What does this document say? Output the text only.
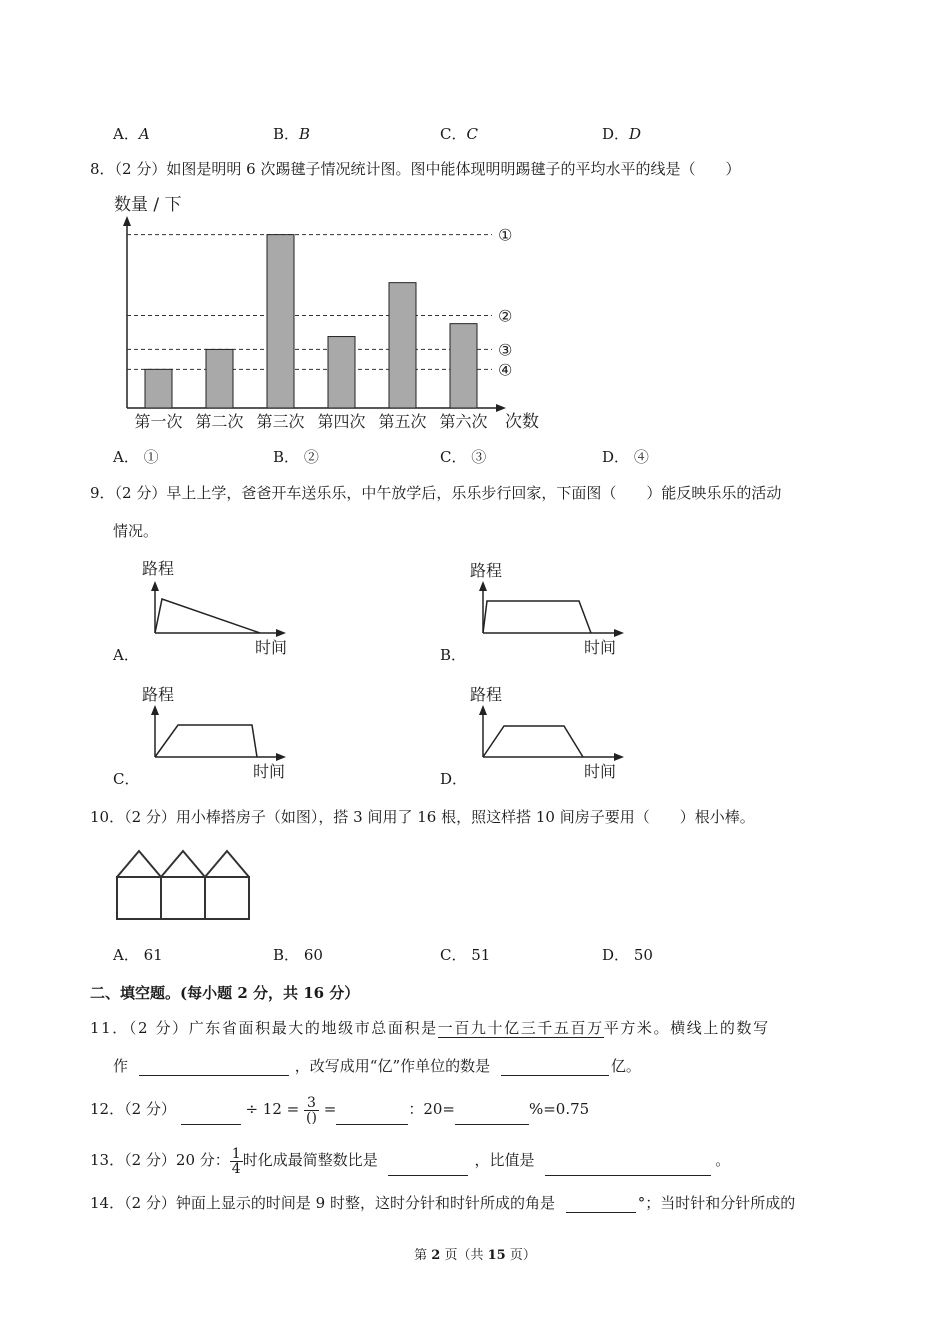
A．A	B．B	C．C	D．D
8．（2 分）如图是明明 6 次踢毽子情况统计图。图中能体现明明踢毽子的平均水平的线是（　　）
数量 / 下
①
②
③
④
第一次 第二次 第三次 第四次 第五次 第六次 次数
A． ①	B． ②	C． ③	D． ④
9．（2 分）早上上学，爸爸开车送乐乐，中午放学后，乐乐步行回家，下面图（　　）能反映乐乐的活动
情况。
A．
路程
时间	B．
路程
时间
C．
路程
时间	D．
路程
时间
10．（2 分）用小棒搭房子（如图），搭 3 间用了 16 根，照这样搭 10 间房子要用（　　）根小棒。
A． 61	B． 60	C． 51	D． 50
二、填空题。(每小题 2 分，共 16 分）
11．（2 分）广东省面积最大的地级市总面积是一百九十亿三千五百万平方米。横线上的数写
作	，改写成用“亿”作单位的数是	亿。
12．（2 分）	÷ $12 = \frac{3}{()}$ =	：20=	%=0.75
13．（2 分）20 分： $\frac{1}{4}$ 时化成最简整数比是	，比值是	。
14．（2 分）钟面上显示的时间是 9 时整，这时分针和时针所成的角是	°；当时针和分针所成的
第 2 页（共 15 页）
